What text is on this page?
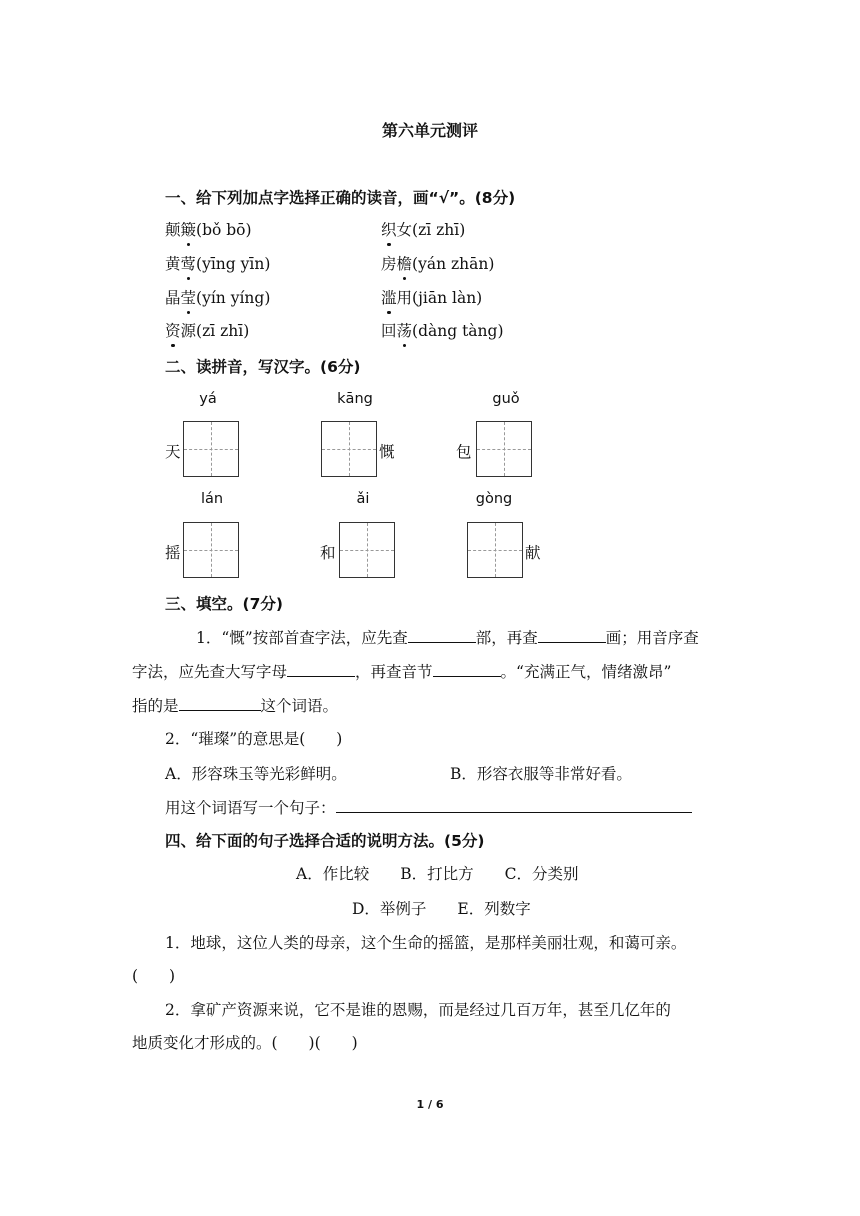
第六单元测评
一、给下列加点字选择正确的读音，画“√”。(8分)
颠簸(bǒ bō)	织女(zī zhī)
黄莺(yīng yīn)	房檐(yán zhān)
晶莹(yín yíng)	滥用(jiān làn)
资源(zī zhī)	回荡(dàng tàng)
二、读拼音，写汉字。(6分)
yá
天
kāng
慨
guǒ
包
lán
摇
ǎi
和
gòng
献
三、填空。(7分)
1．“慨”按部首查字法，应先查	部，再查	画；用音序查
字法，应先查大写字母	，再查音节	。“充满正气，情绪激昂”
指的是	这个词语。
2．“璀璨”的意思是(　　)
A．形容珠玉等光彩鲜明。	B．形容衣服等非常好看。
用这个词语写一个句子：
四、给下面的句子选择合适的说明方法。(5分)
A．作比较　　B．打比方　　C．分类别
D．举例子　　E．列数字
1．地球，这位人类的母亲，这个生命的摇篮，是那样美丽壮观，和蔼可亲。
(　　)
2．拿矿产资源来说，它不是谁的恩赐，而是经过几百万年，甚至几亿年的
地质变化才形成的。(　　)(　　)
1 / 6
